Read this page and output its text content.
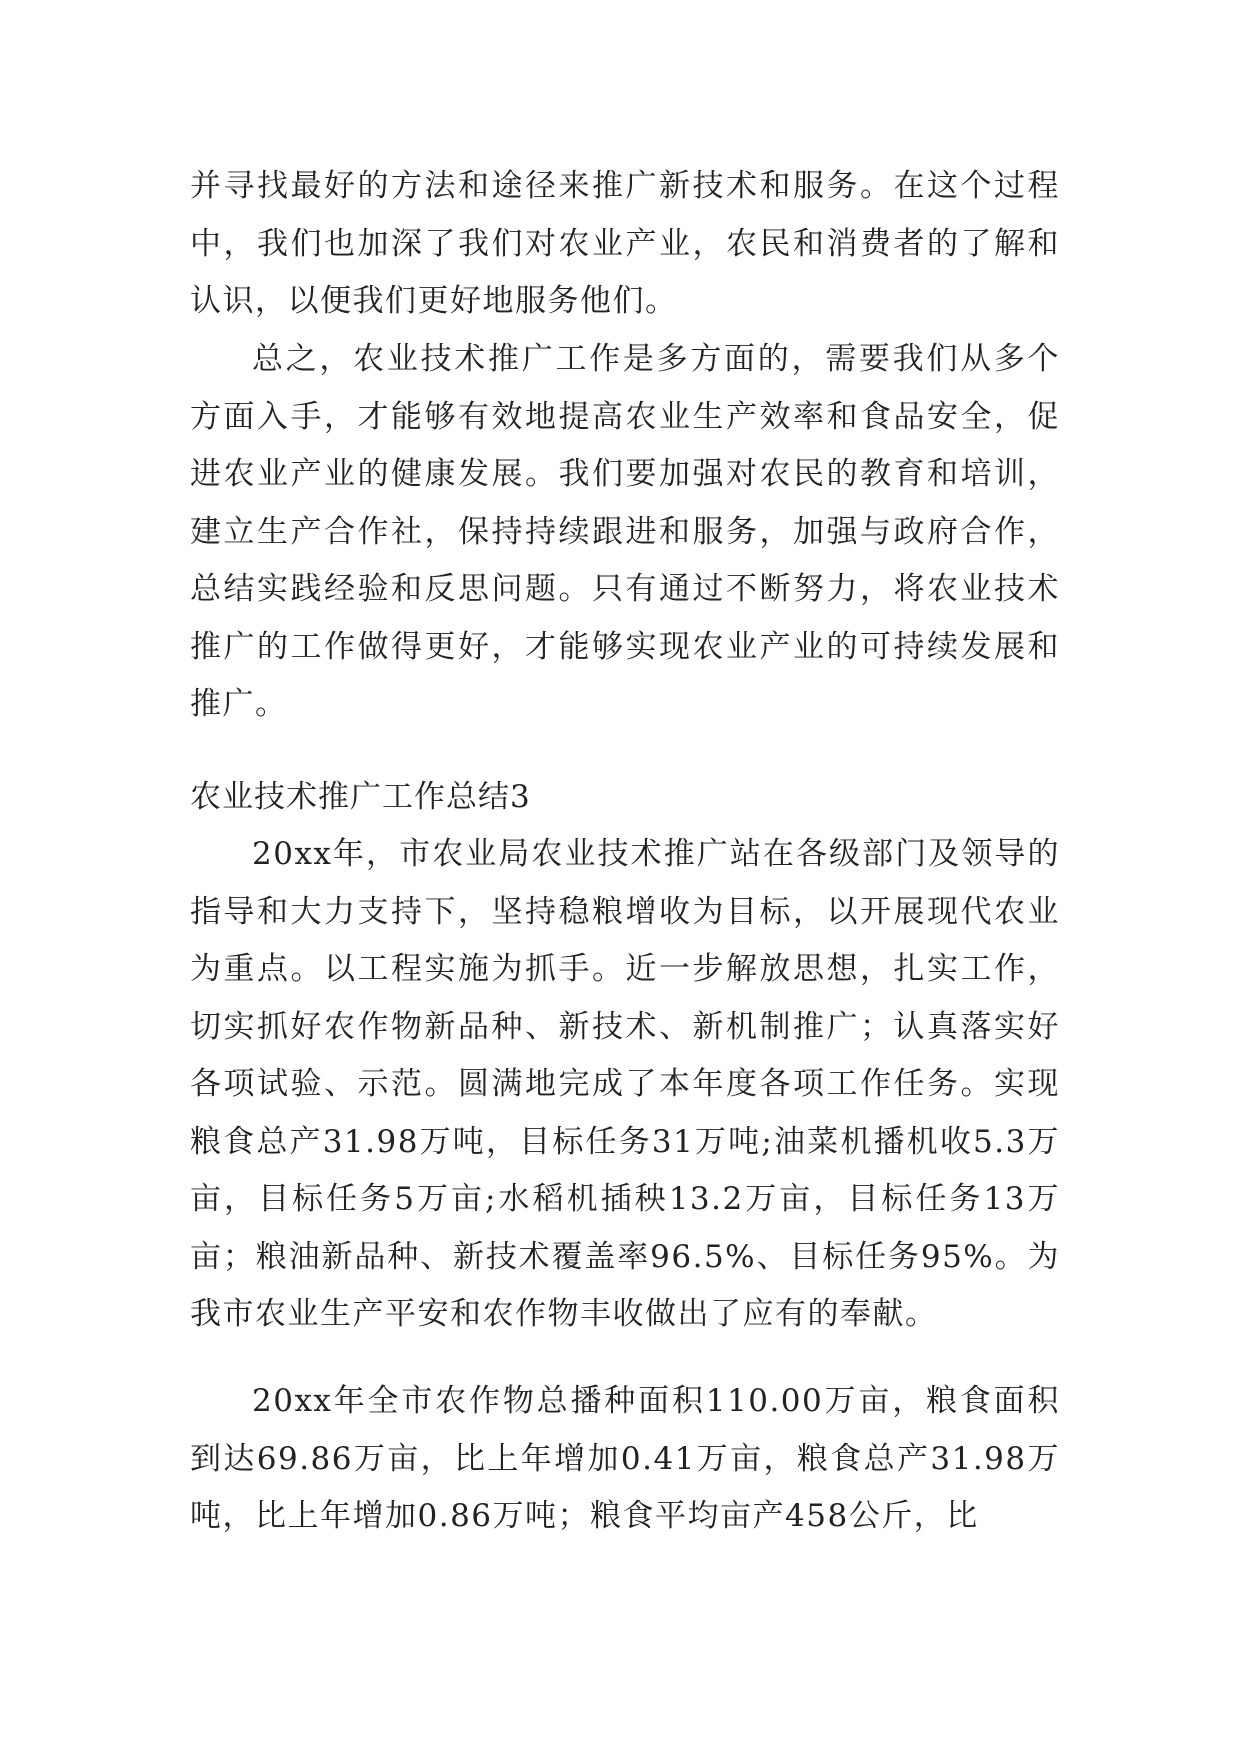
并寻找最好的方法和途径来推广新技术和服务。在这个过程中，我们也加深了我们对农业产业，农民和消费者的了解和认识，以便我们更好地服务他们。

总之，农业技术推广工作是多方面的，需要我们从多个方面入手，才能够有效地提高农业生产效率和食品安全，促进农业产业的健康发展。我们要加强对农民的教育和培训，建立生产合作社，保持持续跟进和服务，加强与政府合作，总结实践经验和反思问题。只有通过不断努力，将农业技术推广的工作做得更好，才能够实现农业产业的可持续发展和推广。

农业技术推广工作总结3

20xx年，市农业局农业技术推广站在各级部门及领导的指导和大力支持下，坚持稳粮增收为目标，以开展现代农业为重点。以工程实施为抓手。近一步解放思想，扎实工作，切实抓好农作物新品种、新技术、新机制推广；认真落实好各项试验、示范。圆满地完成了本年度各项工作任务。实现粮食总产31.98万吨，目标任务31万吨;油菜机播机收5.3万亩，目标任务5万亩;水稻机插秧13.2万亩，目标任务13万亩；粮油新品种、新技术覆盖率96.5%、目标任务95%。为我市农业生产平安和农作物丰收做出了应有的奉献。

20xx年全市农作物总播种面积110.00万亩，粮食面积到达69.86万亩，比上年增加0.41万亩，粮食总产31.98万吨，比上年增加0.86万吨；粮食平均亩产458公斤，比
